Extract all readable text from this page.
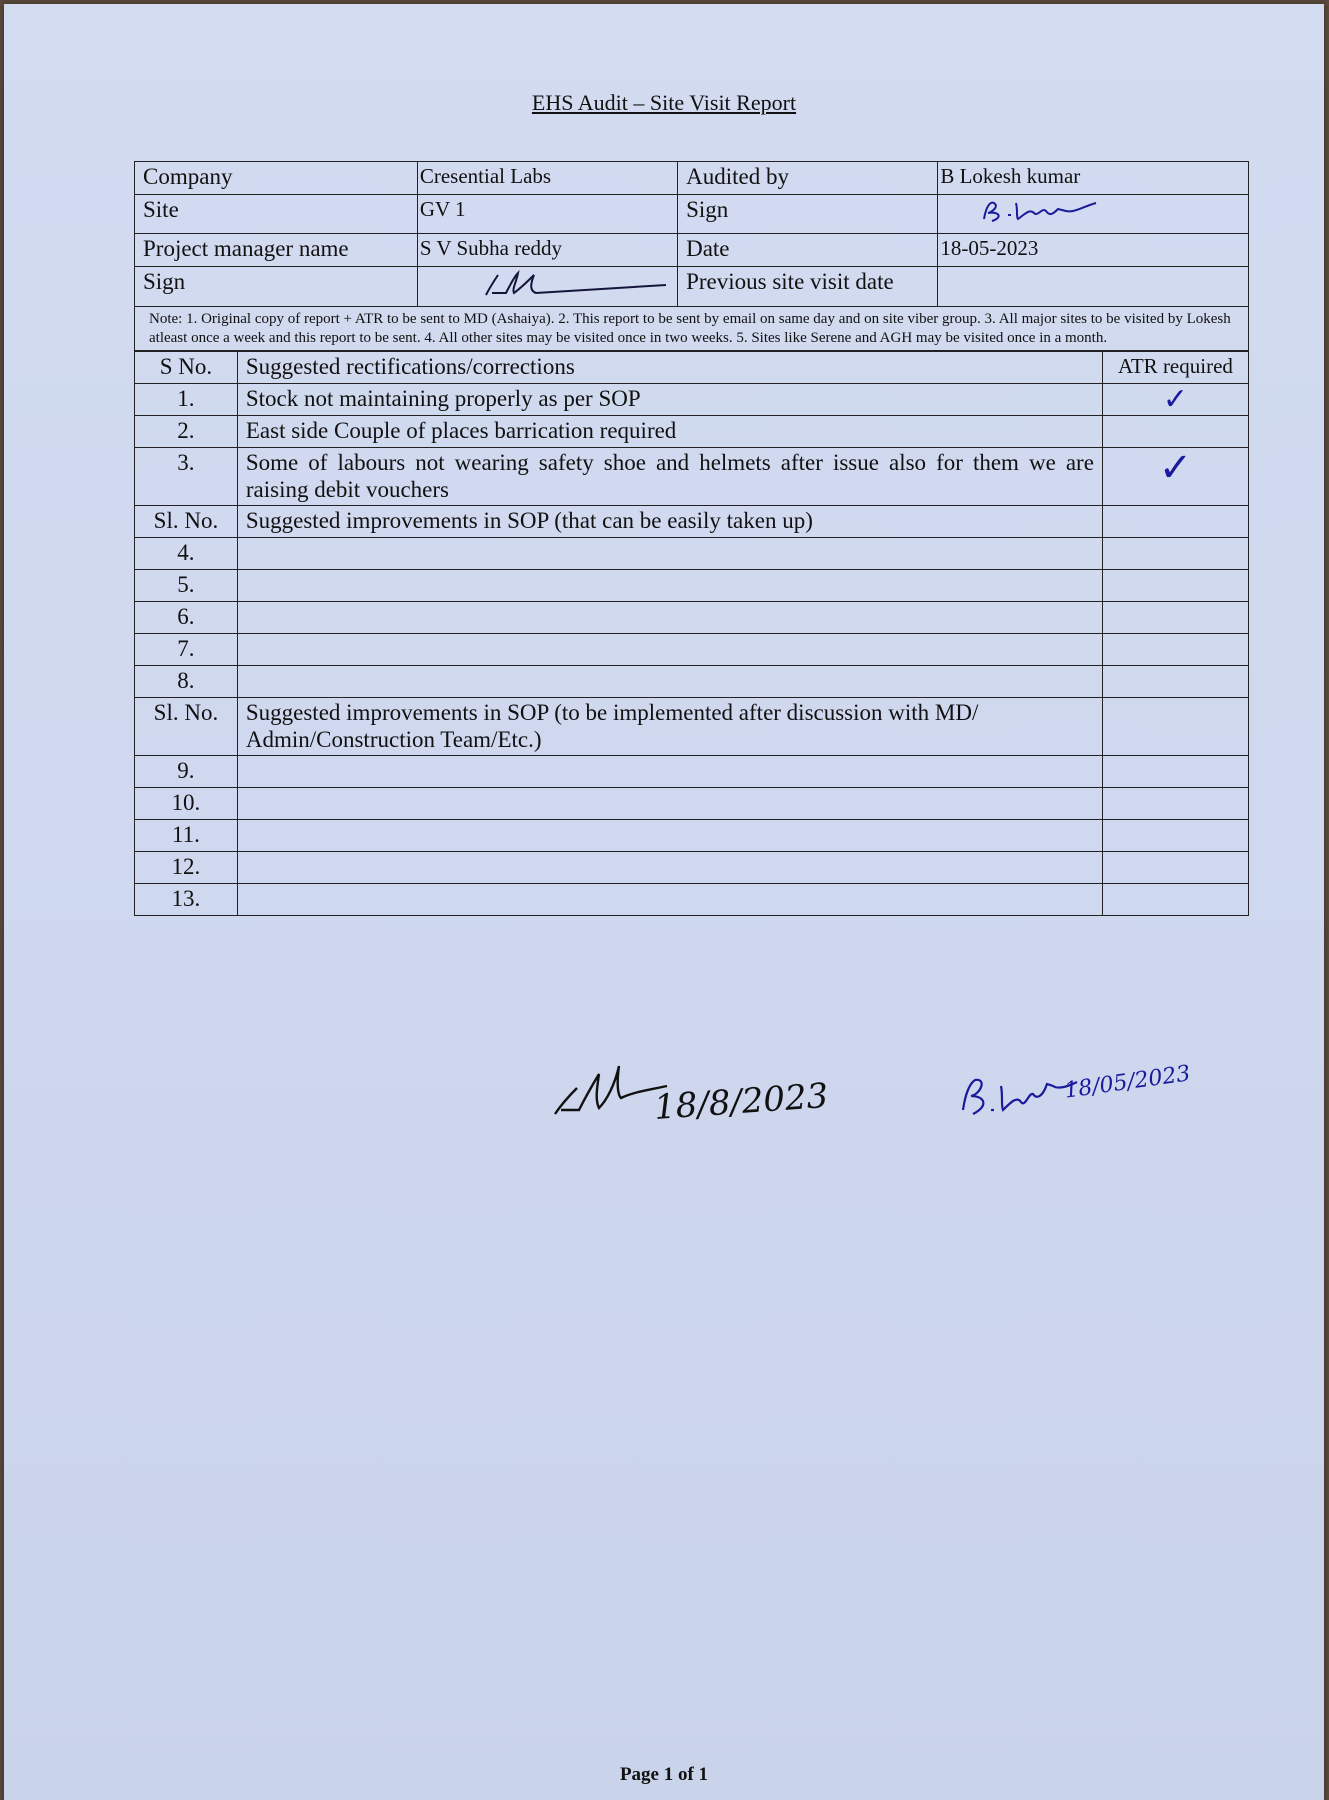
EHS Audit – Site Visit Report
Company	Cresential Labs	Audited by	B Lokesh kumar
Site	GV 1	Sign	
Project manager name	S V Subha reddy	Date	18-05-2023
Sign		Previous site visit date	
Note: 1. Original copy of report + ATR to be sent to MD (Ashaiya). 2. This report to be sent by email on same day and on site viber group. 3. All major sites to be visited by Lokesh atleast once a week and this report to be sent. 4. All other sites may be visited once in two weeks. 5. Sites like Serene and AGH may be visited once in a month.			
S No.	Suggested rectifications/corrections	ATR required
1.	Stock not maintaining properly as per SOP	✓
2.	East side Couple of places barrication required	
3.	Some of labours not wearing safety shoe and helmets after issue also for them we are raising debit vouchers	✓
Sl. No.	Suggested improvements in SOP (that can be easily taken up)	
4.		
5.		
6.		
7.		
8.		
Sl. No.	Suggested improvements in SOP (to be implemented after discussion with MD/ Admin/Construction Team/Etc.)	
9.		
10.		
11.		
12.		
13.		
18/8/2023	18/05/2023
Page 1 of 1
